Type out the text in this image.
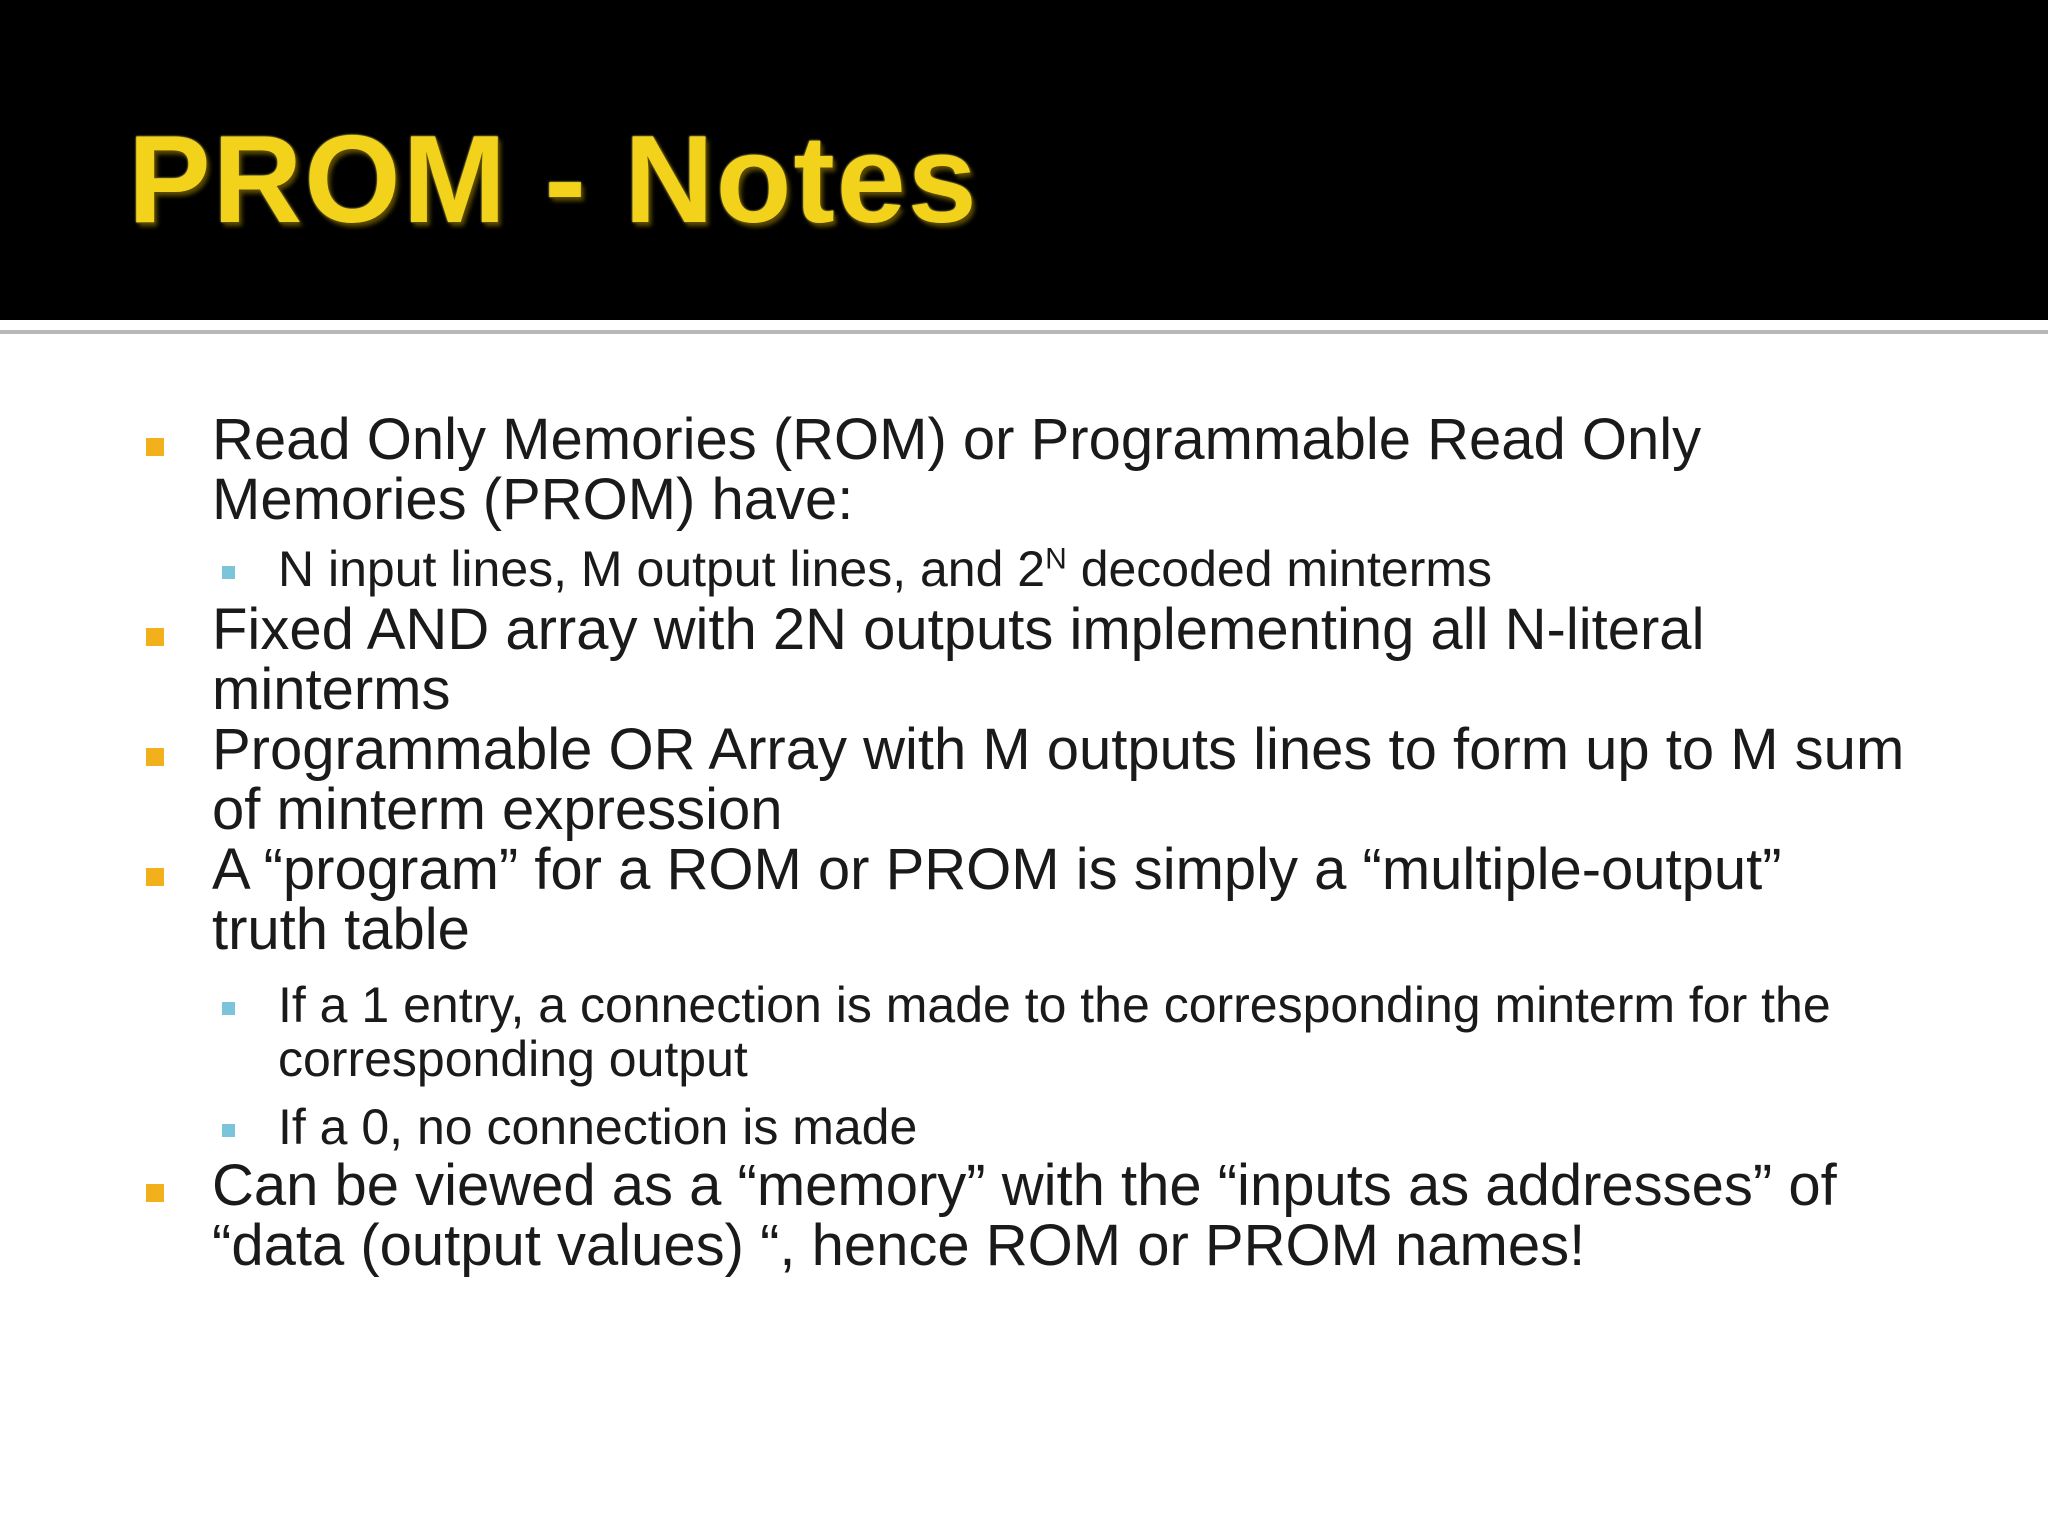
PROM - Notes
Read Only Memories (ROM) or Programmable Read Only Memories (PROM) have:
N input lines, M output lines, and $2^N$ decoded minterms
Fixed AND array with 2N outputs implementing all N-literal minterms
Programmable OR Array with M outputs lines to form up to M sum of minterm expression
A “program” for a ROM or PROM is simply a “multiple-output” truth table
If a 1 entry, a connection is made to the corresponding minterm for the corresponding output
If a 0, no connection is made
Can be viewed as a “memory” with the “inputs as addresses” of “data (output values) “, hence ROM or PROM names!
